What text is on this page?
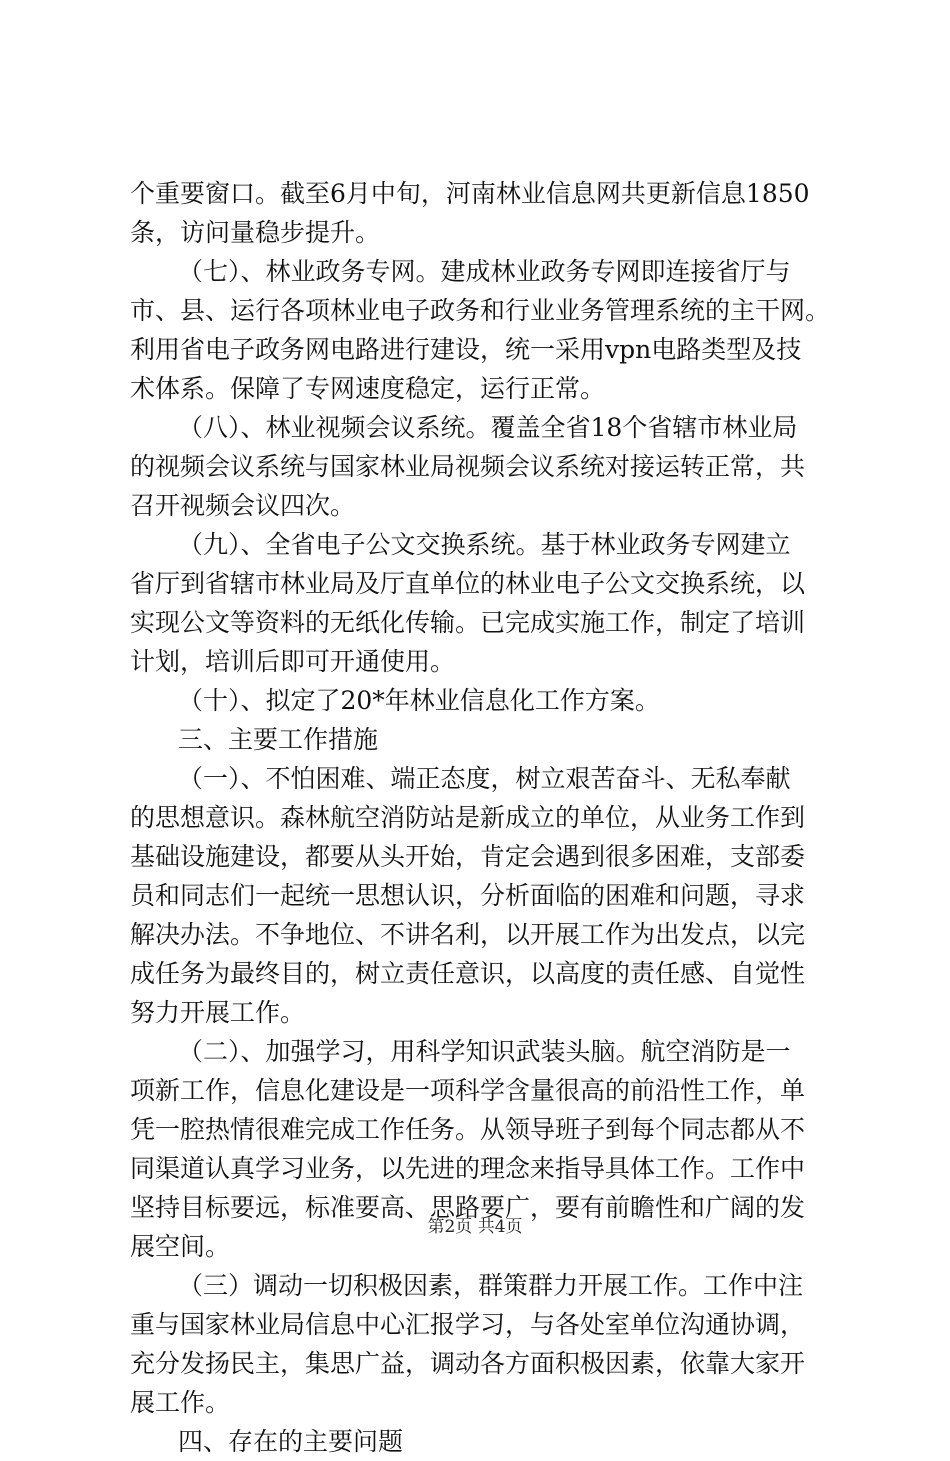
个重要窗口。截至6月中旬，河南林业信息网共更新信息1850
条，访问量稳步提升。
（七）、林业政务专网。建成林业政务专网即连接省厅与
市、县、运行各项林业电子政务和行业业务管理系统的主干网。
利用省电子政务网电路进行建设，统一采用vpn电路类型及技
术体系。保障了专网速度稳定，运行正常。
（八）、林业视频会议系统。覆盖全省18个省辖市林业局
的视频会议系统与国家林业局视频会议系统对接运转正常，共
召开视频会议四次。
（九）、全省电子公文交换系统。基于林业政务专网建立
省厅到省辖市林业局及厅直单位的林业电子公文交换系统，以
实现公文等资料的无纸化传输。已完成实施工作，制定了培训
计划，培训后即可开通使用。
（十）、拟定了20*年林业信息化工作方案。
三、主要工作措施
（一）、不怕困难、端正态度，树立艰苦奋斗、无私奉献
的思想意识。森林航空消防站是新成立的单位，从业务工作到
基础设施建设，都要从头开始，肯定会遇到很多困难，支部委
员和同志们一起统一思想认识，分析面临的困难和问题，寻求
解决办法。不争地位、不讲名利，以开展工作为出发点，以完
成任务为最终目的，树立责任意识，以高度的责任感、自觉性
努力开展工作。
（二）、加强学习，用科学知识武装头脑。航空消防是一
项新工作，信息化建设是一项科学含量很高的前沿性工作，单
凭一腔热情很难完成工作任务。从领导班子到每个同志都从不
同渠道认真学习业务，以先进的理念来指导具体工作。工作中
坚持目标要远，标准要高、思路要广，要有前瞻性和广阔的发
展空间。
（三）调动一切积极因素，群策群力开展工作。工作中注
重与国家林业局信息中心汇报学习，与各处室单位沟通协调，
充分发扬民主，集思广益，调动各方面积极因素，依靠大家开
展工作。
四、存在的主要问题
第2页 共4页
